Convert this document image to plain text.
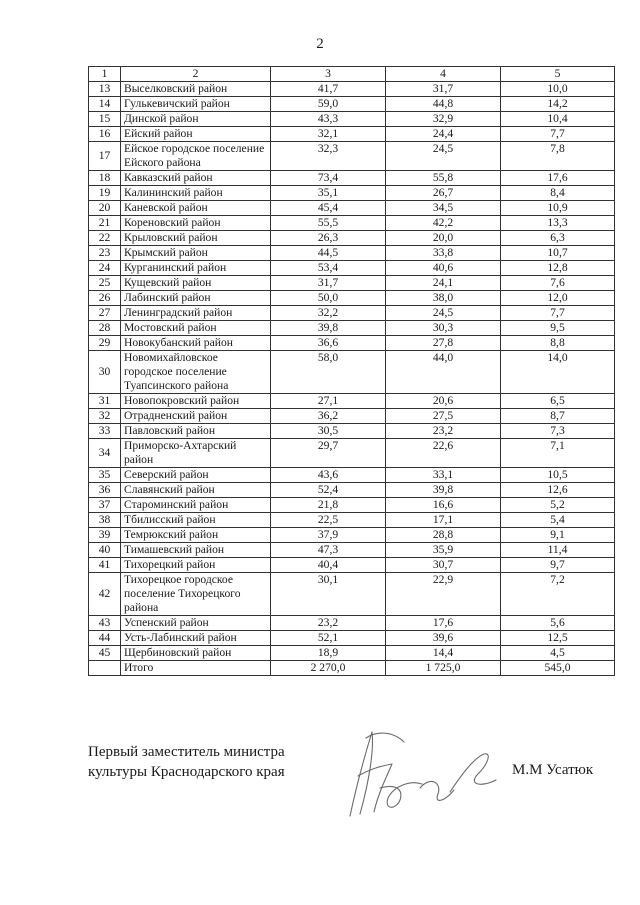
2
1	2	3	4	5
13	Выселковский район	41,7	31,7	10,0
14	Гулькевичский район	59,0	44,8	14,2
15	Динской район	43,3	32,9	10,4
16	Ейский район	32,1	24,4	7,7
17	Ейское городское поселение Ейского района	32,3	24,5	7,8
18	Кавказский район	73,4	55,8	17,6
19	Калининский район	35,1	26,7	8,4
20	Каневской район	45,4	34,5	10,9
21	Кореновский район	55,5	42,2	13,3
22	Крыловский район	26,3	20,0	6,3
23	Крымский район	44,5	33,8	10,7
24	Курганинский район	53,4	40,6	12,8
25	Кущевский район	31,7	24,1	7,6
26	Лабинский район	50,0	38,0	12,0
27	Ленинградский район	32,2	24,5	7,7
28	Мостовский район	39,8	30,3	9,5
29	Новокубанский район	36,6	27,8	8,8
30	Новомихайловское городское поселение Туапсинского района	58,0	44,0	14,0
31	Новопокровский район	27,1	20,6	6,5
32	Отрадненский район	36,2	27,5	8,7
33	Павловский район	30,5	23,2	7,3
34	Приморско-Ахтарский район	29,7	22,6	7,1
35	Северский район	43,6	33,1	10,5
36	Славянский район	52,4	39,8	12,6
37	Староминский район	21,8	16,6	5,2
38	Тбилисский район	22,5	17,1	5,4
39	Темрюкский район	37,9	28,8	9,1
40	Тимашевский район	47,3	35,9	11,4
41	Тихорецкий район	40,4	30,7	9,7
42	Тихорецкое городское поселение Тихорецкого района	30,1	22,9	7,2
43	Успенский район	23,2	17,6	5,6
44	Усть-Лабинский район	52,1	39,6	12,5
45	Щербиновский район	18,9	14,4	4,5
	Итого	2 270,0	1 725,0	545,0
Первый заместитель министра
культуры Краснодарского края	М.М Усатюк
